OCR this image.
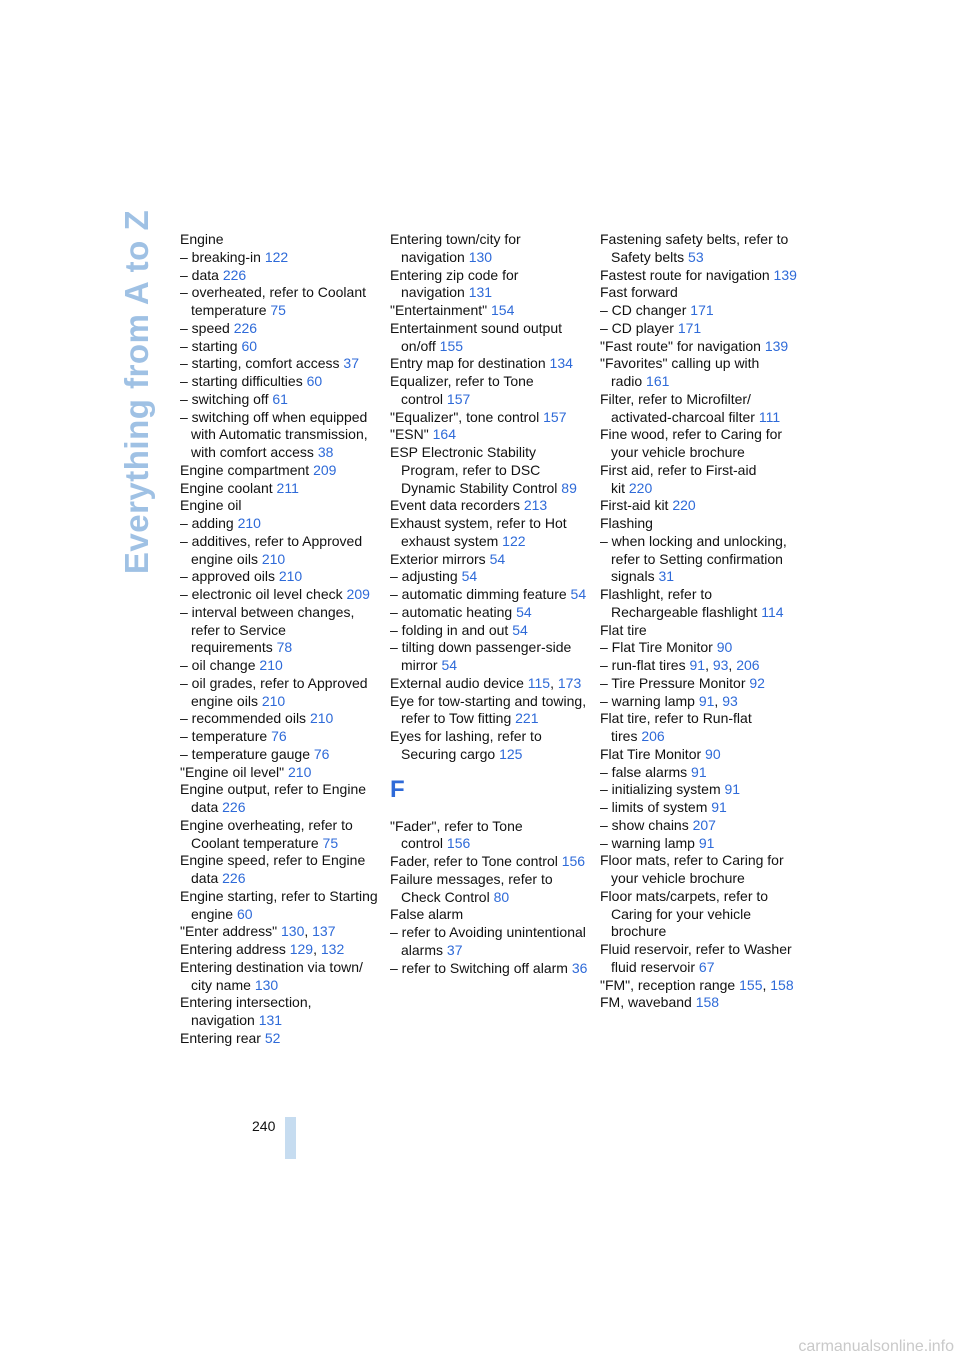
Everything from A to Z Engine
– breaking-in 122
– data 226
– overheated, refer to Coolant temperature 75
– speed 226
– starting 60
– starting, comfort access 37
– starting difficulties 60
– switching off 61
– switching off when equipped with Automatic transmission, with comfort access 38
Engine compartment 209
Engine coolant 211
Engine oil
– adding 210
– additives, refer to Approved engine oils 210
– approved oils 210
– electronic oil level check 209
– interval between changes, refer to Service requirements 78
– oil change 210
– oil grades, refer to Approved engine oils 210
– recommended oils 210
– temperature 76
– temperature gauge 76
"Engine oil level" 210
Engine output, refer to Engine data 226
Engine overheating, refer to Coolant temperature 75
Engine speed, refer to Engine data 226
Engine starting, refer to Starting engine 60
"Enter address" 130, 137
Entering address 129, 132
Entering destination via town/ city name 130
Entering intersection, navigation 131
Entering rear 52
Entering town/city for navigation 130
Entering zip code for navigation 131
"Entertainment" 154
Entertainment sound output on/off 155
Entry map for destination 134
Equalizer, refer to Tone control 157
"Equalizer", tone control 157
"ESN" 164
ESP Electronic Stability Program, refer to DSC Dynamic Stability Control 89
Event data recorders 213
Exhaust system, refer to Hot exhaust system 122
Exterior mirrors 54
– adjusting 54
– automatic dimming feature 54
– automatic heating 54
– folding in and out 54
– tilting down passenger-side mirror 54
External audio device 115, 173
Eye for tow-starting and towing, refer to Tow fitting 221
Eyes for lashing, refer to Securing cargo 125
F
"Fader", refer to Tone control 156
Fader, refer to Tone control 156
Failure messages, refer to Check Control 80
False alarm
– refer to Avoiding unintentional alarms 37
– refer to Switching off alarm 36
Fastening safety belts, refer to Safety belts 53
Fastest route for navigation 139
Fast forward
– CD changer 171
– CD player 171
"Fast route" for navigation 139
"Favorites" calling up with radio 161
Filter, refer to Microfilter/ activated-charcoal filter 111
Fine wood, refer to Caring for your vehicle brochure
First aid, refer to First-aid kit 220
First-aid kit 220
Flashing
– when locking and unlocking, refer to Setting confirmation signals 31
Flashlight, refer to Rechargeable flashlight 114
Flat tire
– Flat Tire Monitor 90
– run-flat tires 91, 93, 206
– Tire Pressure Monitor 92
– warning lamp 91, 93
Flat tire, refer to Run-flat tires 206
Flat Tire Monitor 90
– false alarms 91
– initializing system 91
– limits of system 91
– show chains 207
– warning lamp 91
Floor mats, refer to Caring for your vehicle brochure
Floor mats/carpets, refer to Caring for your vehicle brochure
Fluid reservoir, refer to Washer fluid reservoir 67
"FM", reception range 155, 158
FM, waveband 158
240
carmanualsonline.info
